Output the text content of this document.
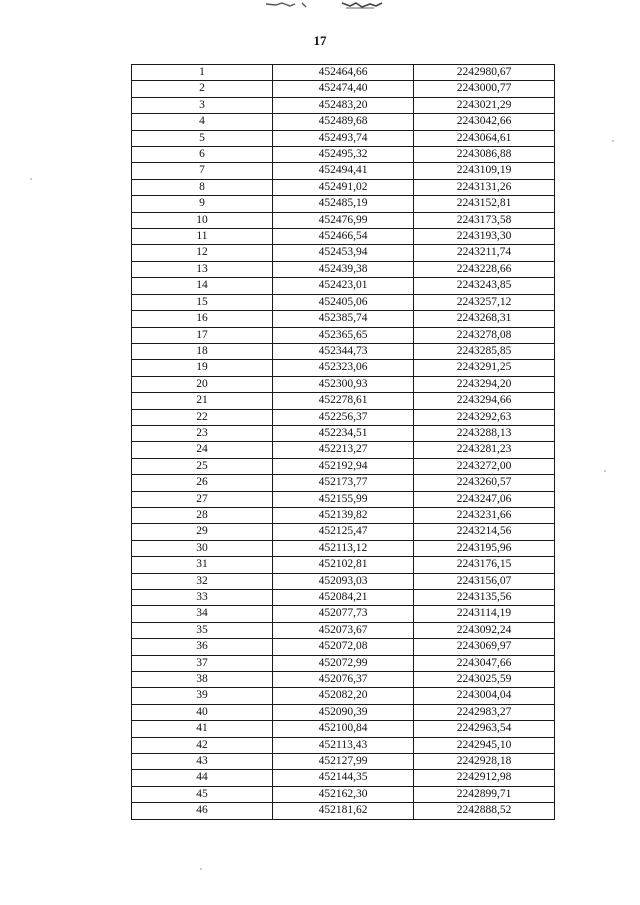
17
1	452464,66	2242980,67
2	452474,40	2243000,77
3	452483,20	2243021,29
4	452489,68	2243042,66
5	452493,74	2243064,61
6	452495,32	2243086,88
7	452494,41	2243109,19
8	452491,02	2243131,26
9	452485,19	2243152,81
10	452476,99	2243173,58
11	452466,54	2243193,30
12	452453,94	2243211,74
13	452439,38	2243228,66
14	452423,01	2243243,85
15	452405,06	2243257,12
16	452385,74	2243268,31
17	452365,65	2243278,08
18	452344,73	2243285,85
19	452323,06	2243291,25
20	452300,93	2243294,20
21	452278,61	2243294,66
22	452256,37	2243292,63
23	452234,51	2243288,13
24	452213,27	2243281,23
25	452192,94	2243272,00
26	452173,77	2243260,57
27	452155,99	2243247,06
28	452139,82	2243231,66
29	452125,47	2243214,56
30	452113,12	2243195,96
31	452102,81	2243176,15
32	452093,03	2243156,07
33	452084,21	2243135,56
34	452077,73	2243114,19
35	452073,67	2243092,24
36	452072,08	2243069,97
37	452072,99	2243047,66
38	452076,37	2243025,59
39	452082,20	2243004,04
40	452090,39	2242983,27
41	452100,84	2242963,54
42	452113,43	2242945,10
43	452127,99	2242928,18
44	452144,35	2242912,98
45	452162,30	2242899,71
46	452181,62	2242888,52
